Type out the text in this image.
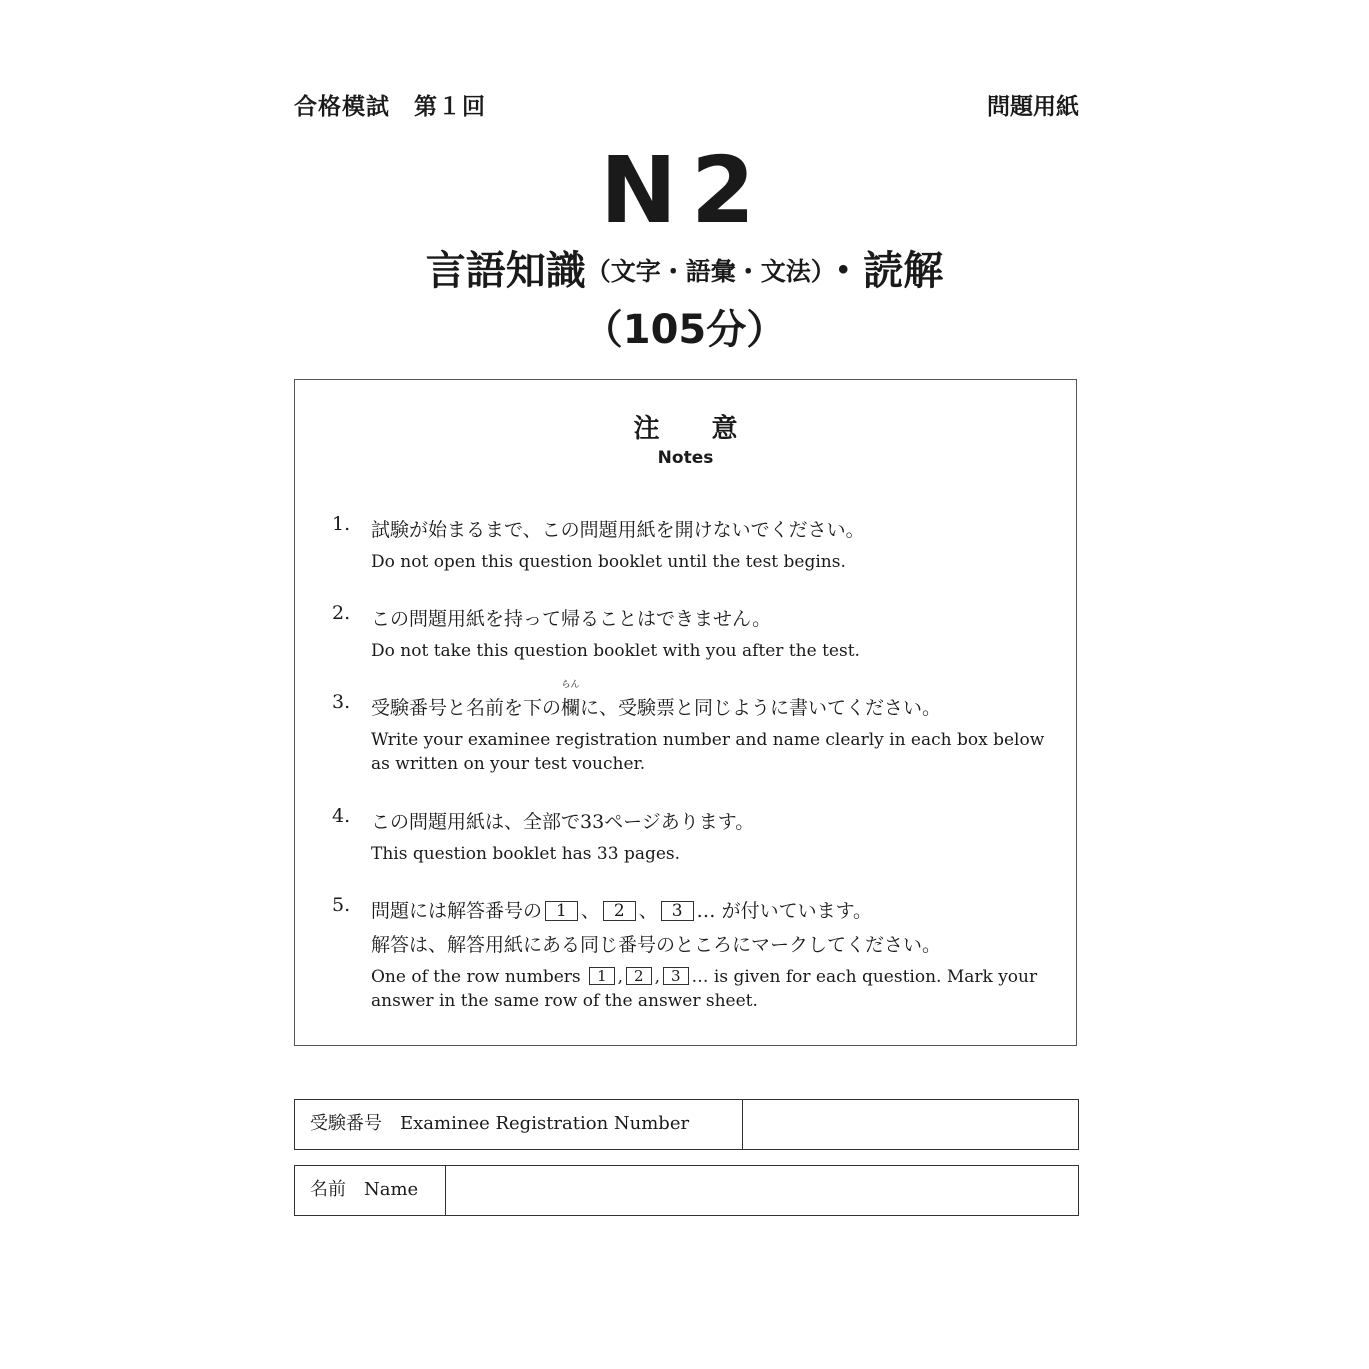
合格模試　第１回	問題用紙
N2
言語知識（文字・語彙・文法）・読解
（105分）
注　　意
Notes
1. 試験が始まるまで、この問題用紙を開けないでください。
Do not open this question booklet until the test begins.
2. この問題用紙を持って帰ることはできません。
Do not take this question booklet with you after the test.
3. 受験番号と名前を下の
らん
欄に、受験票と同じように書いてください。
Write your examinee registration number and name clearly in each box below as written on your test voucher.
4. この問題用紙は、全部で33ページあります。
This question booklet has 33 pages.
5. 問題には解答番号の 1 、 2 、 3 … が付いています。
解答は、解答用紙にある同じ番号のところにマークしてください。
One of the row numbers 1 , 2 , 3 … is given for each question. Mark your answer in the same row of the answer sheet.
受験番号　Examinee Registration Number
名前　Name
